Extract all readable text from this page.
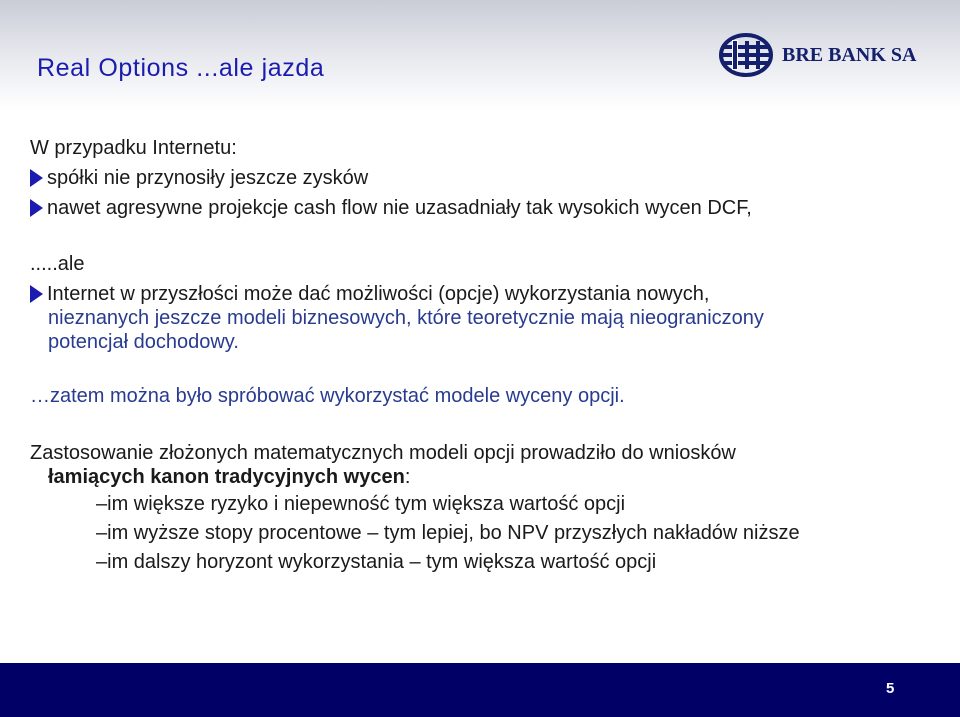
Real Options ...ale jazda	BRE BANK SA
W przypadku Internetu:
spółki nie przynosiły jeszcze zysków
nawet agresywne projekcje cash flow nie uzasadniały tak wysokich wycen DCF,
.....ale
Internet w przyszłości może dać możliwości (opcje) wykorzystania nowych,
nieznanych jeszcze modeli biznesowych, które teoretycznie mają nieograniczony
potencjał dochodowy.
…zatem można było spróbować wykorzystać modele wyceny opcji.
Zastosowanie złożonych matematycznych modeli opcji prowadziło do wniosków
łamiących kanon tradycyjnych wycen:
–im większe ryzyko i niepewność tym większa wartość opcji
–im wyższe stopy procentowe – tym lepiej, bo NPV przyszłych nakładów niższe
–im dalszy horyzont wykorzystania – tym większa wartość opcji
5
